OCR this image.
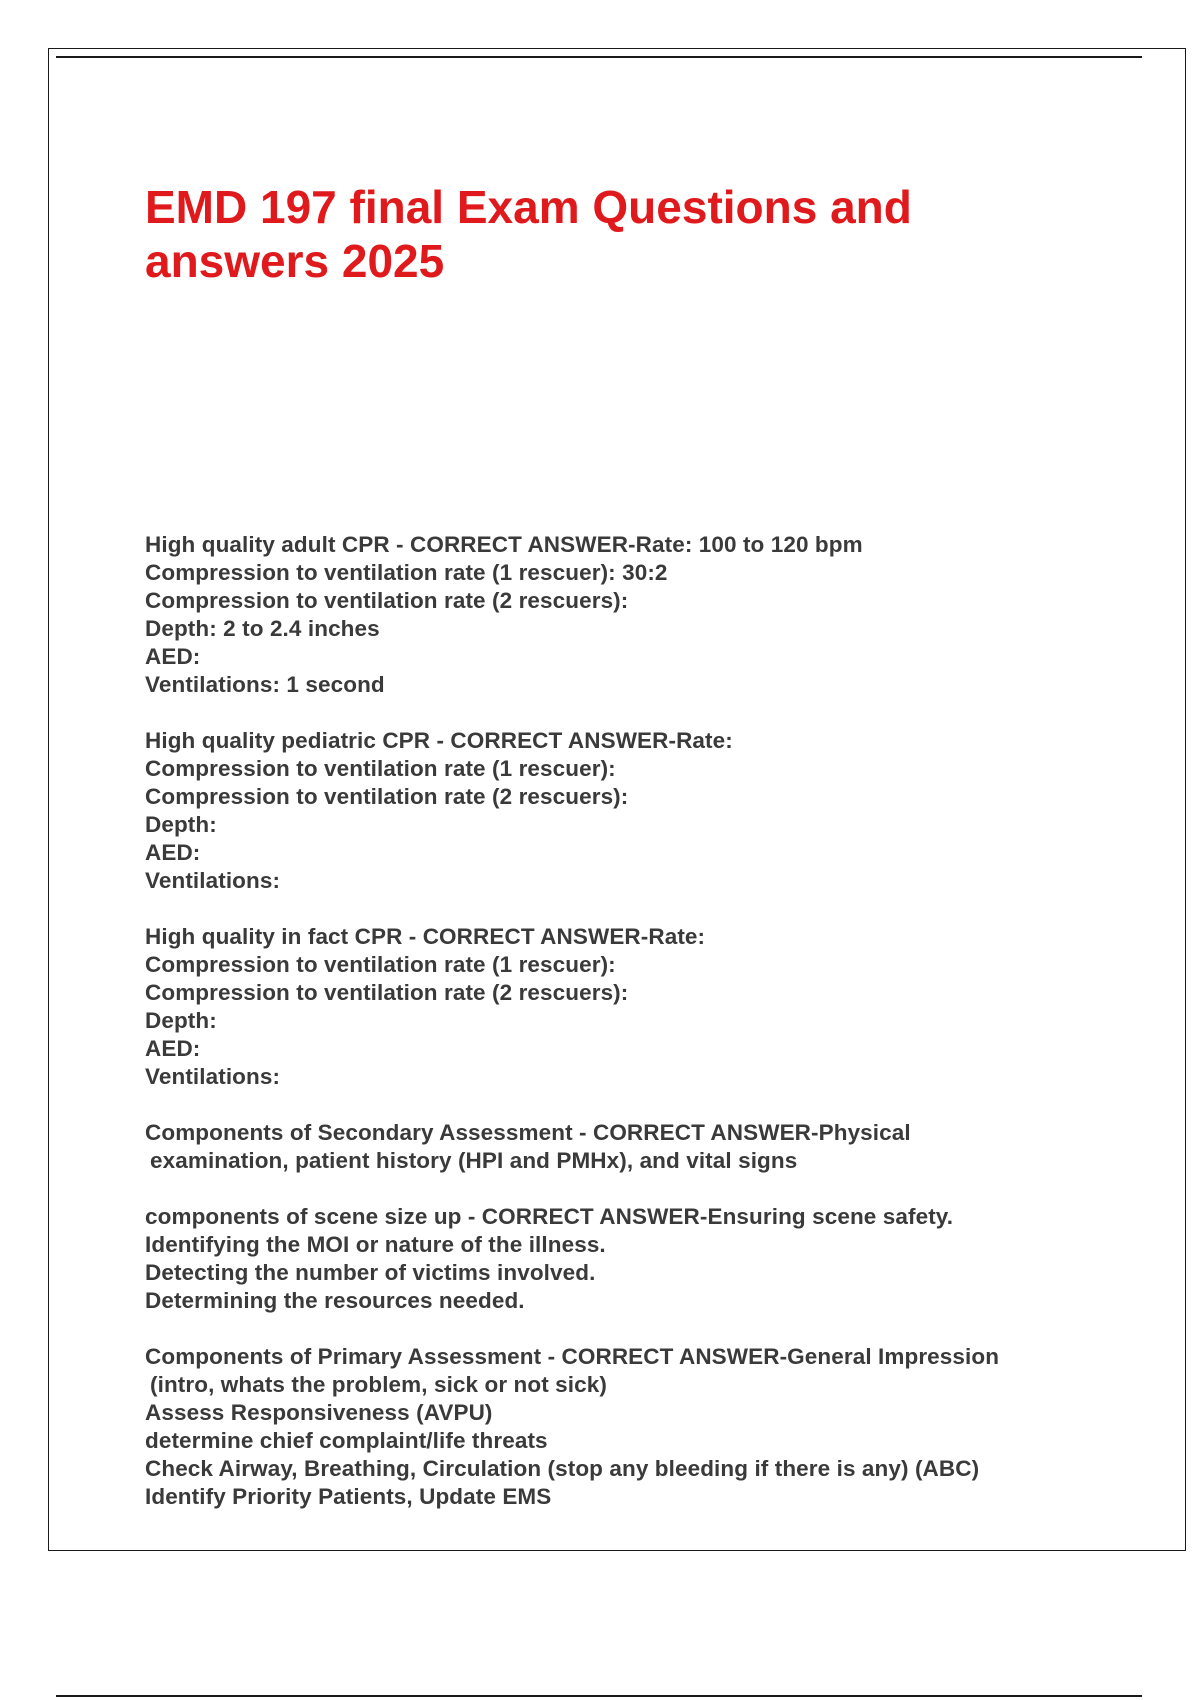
EMD 197 final Exam Questions and answers 2025
High quality adult CPR - CORRECT ANSWER-Rate: 100 to 120 bpm
Compression to ventilation rate (1 rescuer): 30:2
Compression to ventilation rate (2 rescuers):
Depth: 2 to 2.4 inches
AED:
Ventilations: 1 second
High quality pediatric CPR - CORRECT ANSWER-Rate:
Compression to ventilation rate (1 rescuer):
Compression to ventilation rate (2 rescuers):
Depth:
AED:
Ventilations:
High quality in fact CPR - CORRECT ANSWER-Rate:
Compression to ventilation rate (1 rescuer):
Compression to ventilation rate (2 rescuers):
Depth:
AED:
Ventilations:
Components of Secondary Assessment - CORRECT ANSWER-Physical
examination, patient history (HPI and PMHx), and vital signs
components of scene size up - CORRECT ANSWER-Ensuring scene safety.
Identifying the MOI or nature of the illness.
Detecting the number of victims involved.
Determining the resources needed.
Components of Primary Assessment - CORRECT ANSWER-General Impression
(intro, whats the problem, sick or not sick)
Assess Responsiveness (AVPU)
determine chief complaint/life threats
Check Airway, Breathing, Circulation (stop any bleeding if there is any) (ABC)
Identify Priority Patients, Update EMS
